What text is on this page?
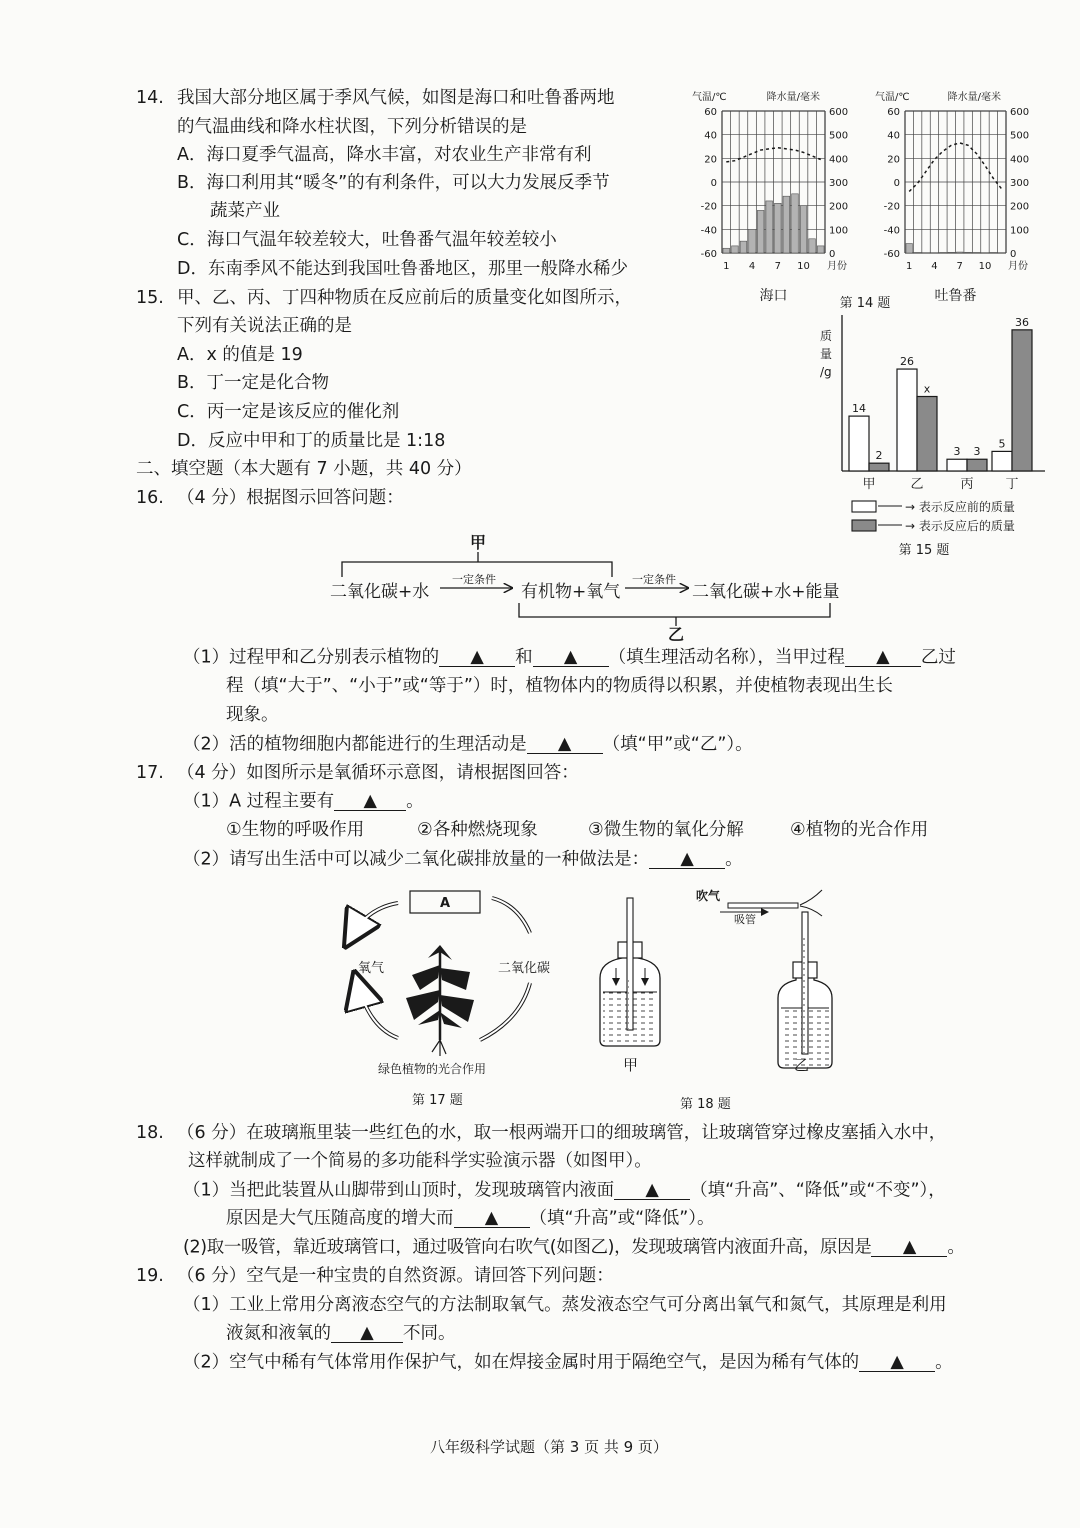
14. 我国大部分地区属于季风气候，如图是海口和吐鲁番两地
的气温曲线和降水柱状图，下列分析错误的是
A．海口夏季气温高，降水丰富，对农业生产非常有利
B．海口利用其“暖冬”的有利条件，可以大力发展反季节
蔬菜产业
C．海口气温年较差较大，吐鲁番气温年较差较小
D．东南季风不能达到我国吐鲁番地区，那里一般降水稀少
60	600
40	500
20	400
0	300
-20	200
-40	100
-60	0
1 4 7 10 月份
气温/℃	降水量/毫米
海口
60	600
40	500
20	400
0	300
-20	200
-40	100
-60	0
1 4 7 10 月份
气温/℃	降水量/毫米
吐鲁番
第 14 题
15. 甲、乙、丙、丁四种物质在反应前后的质量变化如图所示，
下列有关说法正确的是
A．x 的值是 19
B．丁一定是化合物
C．丙一定是该反应的催化剂
D．反应中甲和丁的质量比是 1:18
质
量
/g
14
2
甲
26
x
乙
3 3
丙
5
36
丁
→ 表示反应前的质量
→ 表示反应后的质量
第 15 题
二、填空题（本大题有 7 小题，共 40 分）
16. （4 分）根据图示回答问题：
甲
乙
二氧化碳+水	有机物+氧气	二氧化碳+水+能量
一定条件	一定条件
（1）过程甲和乙分别表示植物的 ▲ 和 ▲ （填生理活动名称），当甲过程 ▲ 乙过
程（填“大于”、“小于”或“等于”）时，植物体内的物质得以积累，并使植物表现出生长
现象。
（2）活的植物细胞内都能进行的生理活动是 ▲ （填“甲”或“乙”）。
17. （4 分）如图所示是氧循环示意图，请根据图回答：
（1）A 过程主要有 ▲ 。
①生物的呼吸作用	②各种燃烧现象	③微生物的氧化分解	④植物的光合作用
（2）请写出生活中可以减少二氧化碳排放量的一种做法是： ▲ 。
A
氧气	二氧化碳
绿色植物的光合作用
第 17 题
甲
吹气
吸管
乙
第 18 题
18. （6 分）在玻璃瓶里装一些红色的水，取一根两端开口的细玻璃管，让玻璃管穿过橡皮塞插入水中，
这样就制成了一个简易的多功能科学实验演示器（如图甲）。
（1）当把此装置从山脚带到山顶时，发现玻璃管内液面 ▲ （填“升高”、“降低”或“不变”），
原因是大气压随高度的增大而 ▲ （填“升高”或“降低”）。
(2)取一吸管，靠近玻璃管口，通过吸管向右吹气(如图乙)，发现玻璃管内液面升高，原因是 ▲ 。
19. （6 分）空气是一种宝贵的自然资源。请回答下列问题：
（1）工业上常用分离液态空气的方法制取氧气。蒸发液态空气可分离出氧气和氮气，其原理是利用
液氮和液氧的 ▲ 不同。
（2）空气中稀有气体常用作保护气，如在焊接金属时用于隔绝空气，是因为稀有气体的 ▲ 。
八年级科学试题（第 3 页 共 9 页）
